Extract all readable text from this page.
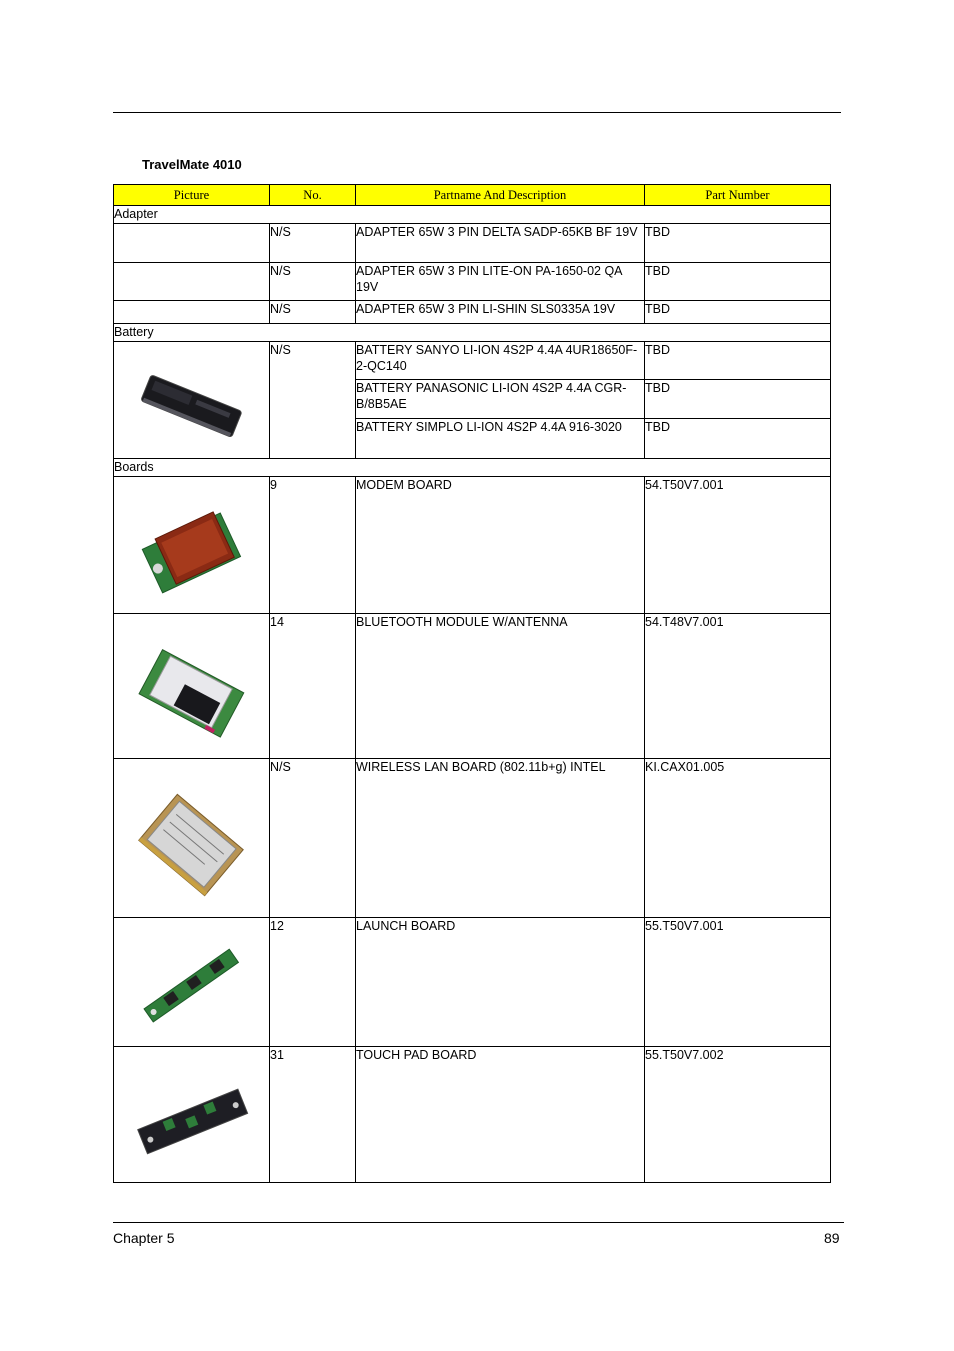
TravelMate 4010
Picture	No.	Partname And Description	Part Number
Adapter			
	N/S	ADAPTER 65W 3 PIN DELTA SADP-65KB BF 19V	TBD
	N/S	ADAPTER 65W 3 PIN LITE-ON PA-1650-02 QA 19V	TBD
	N/S	ADAPTER 65W 3 PIN LI-SHIN SLS0335A 19V	TBD
Battery			

	N/S	BATTERY SANYO LI-ION 4S2P 4.4A 4UR18650F-2-QC140	TBD
		BATTERY PANASONIC LI-ION 4S2P 4.4A CGR-B/8B5AE	TBD
		BATTERY SIMPLO LI-ION 4S2P 4.4A 916-3020	TBD
Boards			

	9	MODEM BOARD	54.T50V7.001

	14	BLUETOOTH MODULE W/ANTENNA	54.T48V7.001

	N/S	WIRELESS LAN BOARD (802.11b+g) INTEL	KI.CAX01.005

	12	LAUNCH BOARD	55.T50V7.001

	31	TOUCH PAD BOARD	55.T50V7.002
Chapter 5	89
